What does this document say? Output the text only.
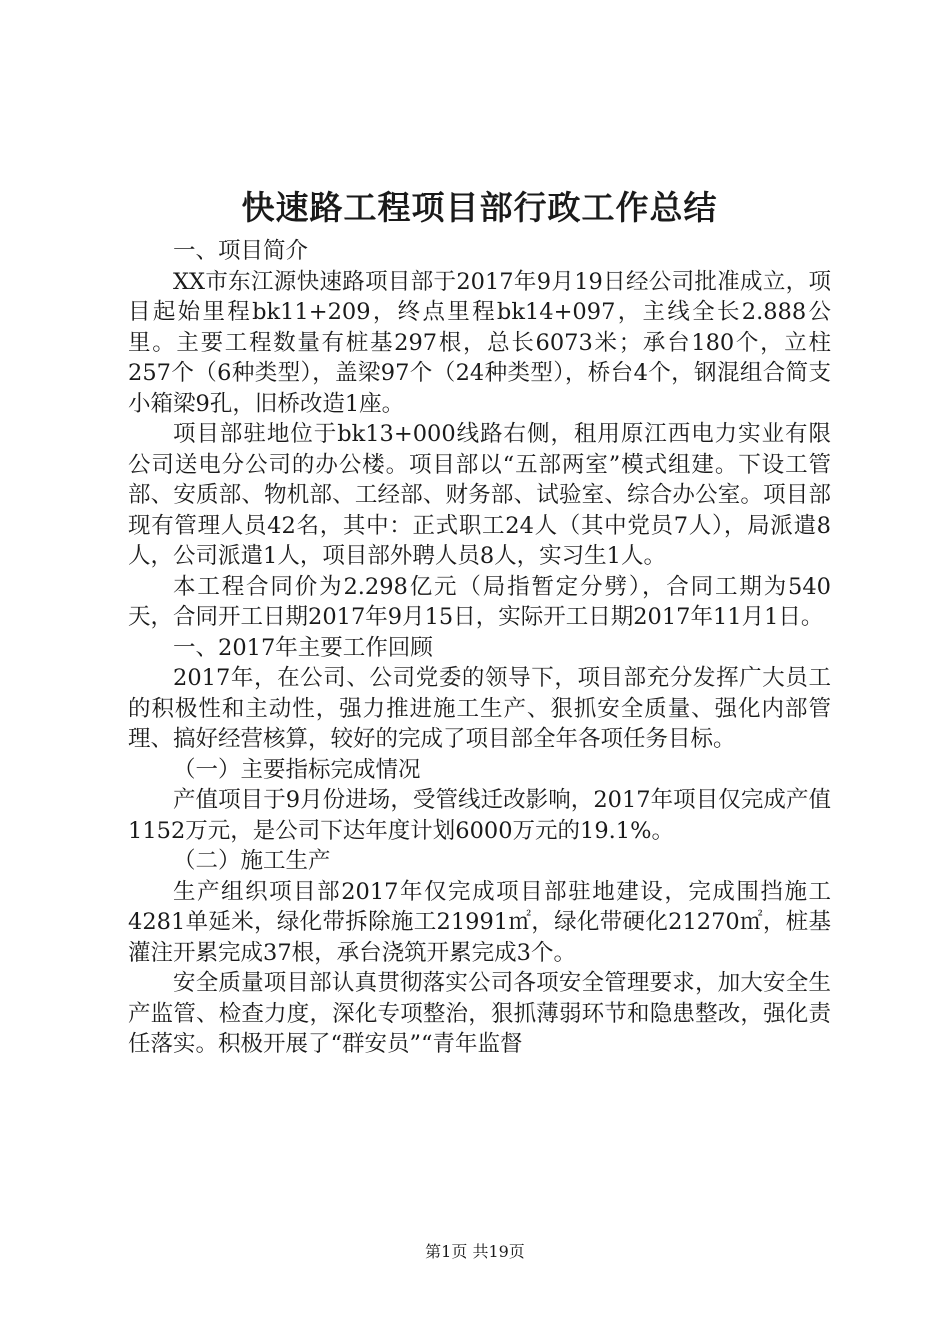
快速路工程项目部行政工作总结

一、项目简介

XX市东江源快速路项目部于2017年9月19日经公司批准成立，项目起始里程bk11+209，终点里程bk14+097，主线全长2.888公里。主要工程数量有桩基297根，总长6073米；承台180个，立柱257个（6种类型），盖梁97个（24种类型），桥台4个，钢混组合简支小箱梁9孔，旧桥改造1座。

项目部驻地位于bk13+000线路右侧，租用原江西电力实业有限公司送电分公司的办公楼。项目部以“五部两室”模式组建。下设工管部、安质部、物机部、工经部、财务部、试验室、综合办公室。项目部现有管理人员42名，其中：正式职工24人（其中党员7人），局派遣8人，公司派遣1人，项目部外聘人员8人，实习生1人。

本工程合同价为2.298亿元（局指暂定分劈），合同工期为540天，合同开工日期2017年9月15日，实际开工日期2017年11月1日。

一、2017年主要工作回顾

2017年，在公司、公司党委的领导下，项目部充分发挥广大员工的积极性和主动性，强力推进施工生产、狠抓安全质量、强化内部管理、搞好经营核算，较好的完成了项目部全年各项任务目标。

（一）主要指标完成情况

产值项目于9月份进场，受管线迁改影响，2017年项目仅完成产值1152万元，是公司下达年度计划6000万元的19.1%。

（二）施工生产

生产组织项目部2017年仅完成项目部驻地建设，完成围挡施工4281单延米，绿化带拆除施工21991㎡，绿化带硬化21270㎡，桩基灌注开累完成37根，承台浇筑开累完成3个。

安全质量项目部认真贯彻落实公司各项安全管理要求，加大安全生产监管、检查力度，深化专项整治，狠抓薄弱环节和隐患整改，强化责任落实。积极开展了“群安员”“青年监督

第1页 共19页
